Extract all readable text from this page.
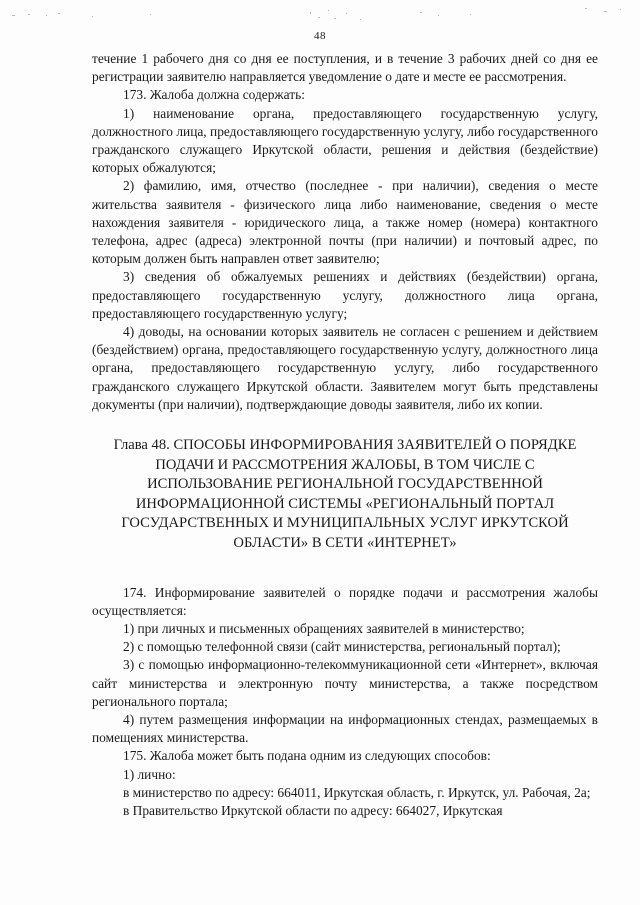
48

течение 1 рабочего дня со дня ее поступления, и в течение 3 рабочих дней со дня ее регистрации заявителю направляется уведомление о дате и месте ее рассмотрения.

173. Жалоба должна содержать:

1) наименование органа, предоставляющего государственную услугу, должностного лица, предоставляющего государственную услугу, либо государственного гражданского служащего Иркутской области, решения и действия (бездействие) которых обжалуются;

2) фамилию, имя, отчество (последнее - при наличии), сведения о месте жительства заявителя - физического лица либо наименование, сведения о месте нахождения заявителя - юридического лица, а также номер (номера) контактного телефона, адрес (адреса) электронной почты (при наличии) и почтовый адрес, по которым должен быть направлен ответ заявителю;

3) сведения об обжалуемых решениях и действиях (бездействии) органа, предоставляющего государственную услугу, должностного лица органа, предоставляющего государственную услугу;

4) доводы, на основании которых заявитель не согласен с решением и действием (бездействием) органа, предоставляющего государственную услугу, должностного лица органа, предоставляющего государственную услугу, либо государственного гражданского служащего Иркутской области. Заявителем могут быть представлены документы (при наличии), подтверждающие доводы заявителя, либо их копии.

Глава 48. СПОСОБЫ ИНФОРМИРОВАНИЯ ЗАЯВИТЕЛЕЙ О ПОРЯДКЕ ПОДАЧИ И РАССМОТРЕНИЯ ЖАЛОБЫ, В ТОМ ЧИСЛЕ С ИСПОЛЬЗОВАНИЕ РЕГИОНАЛЬНОЙ ГОСУДАРСТВЕННОЙ ИНФОРМАЦИОННОЙ СИСТЕМЫ «РЕГИОНАЛЬНЫЙ ПОРТАЛ ГОСУДАРСТВЕННЫХ И МУНИЦИПАЛЬНЫХ УСЛУГ ИРКУТСКОЙ ОБЛАСТИ» В СЕТИ «ИНТЕРНЕТ»

174. Информирование заявителей о порядке подачи и рассмотрения жалобы осуществляется:

1) при личных и письменных обращениях заявителей в министерство;

2) с помощью телефонной связи (сайт министерства, региональный портал);

3) с помощью информационно-телекоммуникационной сети «Интернет», включая сайт министерства и электронную почту министерства, а также посредством регионального портала;

4) путем размещения информации на информационных стендах, размещаемых в помещениях министерства.

175. Жалоба может быть подана одним из следующих способов:

1) лично:

в министерство по адресу: 664011, Иркутская область, г. Иркутск, ул. Рабочая, 2а;

в Правительство Иркутской области по адресу: 664027, Иркутская
